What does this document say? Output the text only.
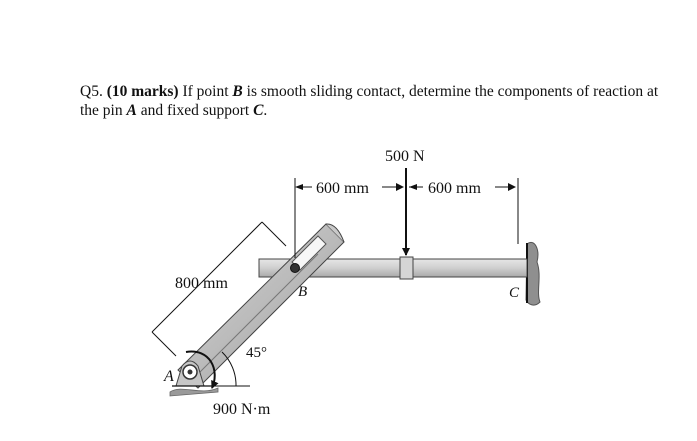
Q5. (10 marks) If point B is smooth sliding contact, determine the components of reaction at the pin A and fixed support C.
500 N
600 mm	600 mm
800 mm
45°
900 N·m
A
B	C
